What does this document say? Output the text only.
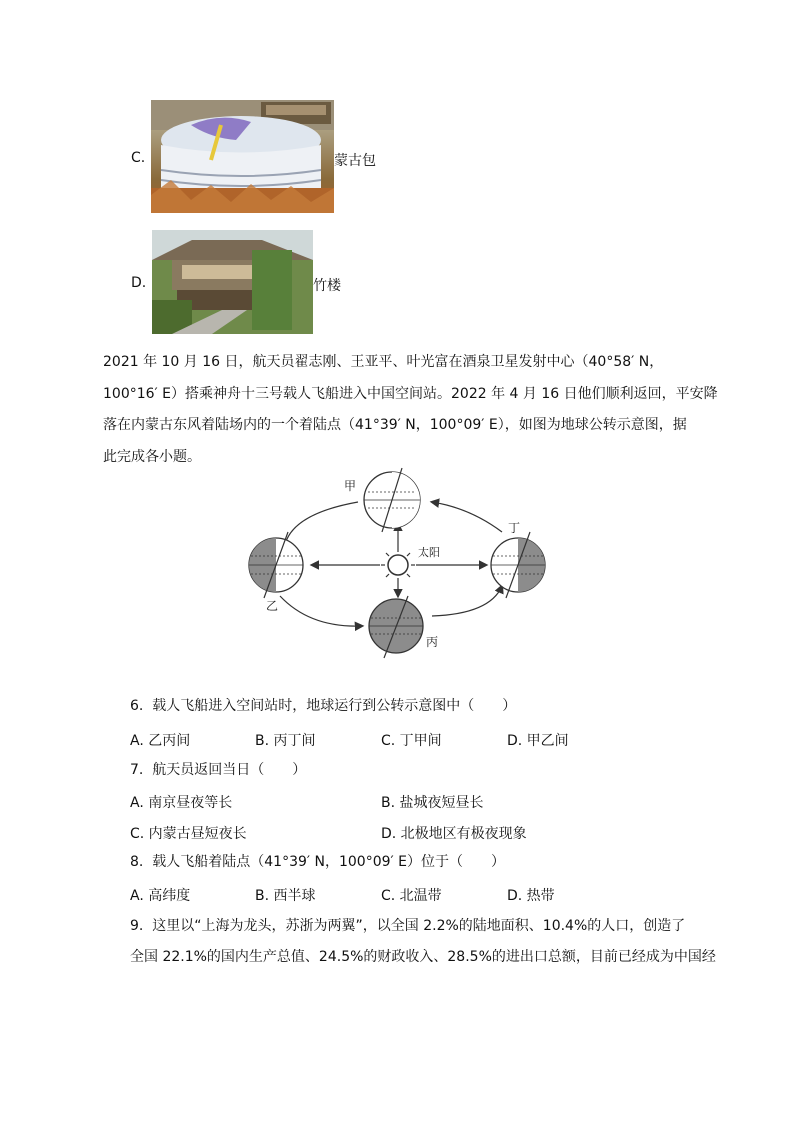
C.	蒙古包
D.	竹楼
2021 年 10 月 16 日，航天员翟志刚、王亚平、叶光富在酒泉卫星发射中心（40°58′ N，
100°16′ E）搭乘神舟十三号载人飞船进入中国空间站。2022 年 4 月 16 日他们顺利返回，平安降
落在内蒙古东风着陆场内的一个着陆点（41°39′ N，100°09′ E），如图为地球公转示意图，据
此完成各小题。
太阳
甲
乙
丙
丁
6. 载人飞船进入空间站时，地球运行到公转示意图中（　　）
A. 乙丙间	B. 丙丁间	C. 丁甲间	D. 甲乙间
7. 航天员返回当日（　　）
A. 南京昼夜等长	B. 盐城夜短昼长
C. 内蒙古昼短夜长	D. 北极地区有极夜现象
8. 载人飞船着陆点（41°39′ N，100°09′ E）位于（　　）
A. 高纬度	B. 西半球	C. 北温带	D. 热带
9. 这里以“上海为龙头，苏浙为两翼”，以全国 2.2%的陆地面积、10.4%的人口，创造了
全国 22.1%的国内生产总值、24.5%的财政收入、28.5%的进出口总额，目前已经成为中国经
